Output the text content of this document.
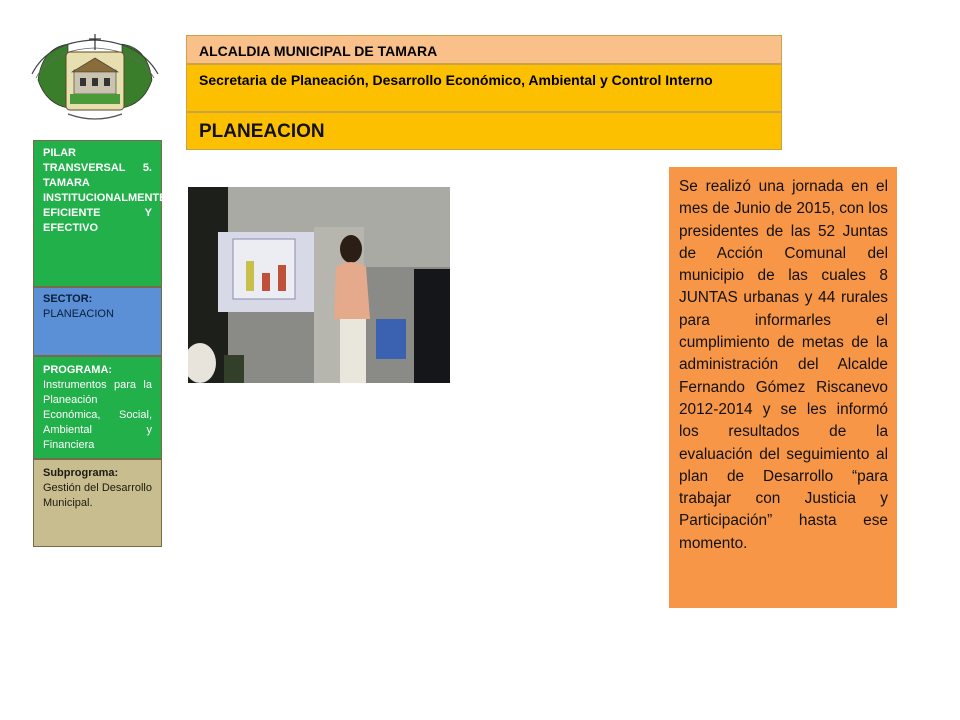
ALCALDIA MUNICIPAL DE TAMARA
Secretaria de Planeación, Desarrollo Económico, Ambiental y Control Interno
PLANEACION
PILAR TRANSVERSAL 5. TAMARA INSTITUCIONALMENTE EFICIENTE Y EFECTIVO
SECTOR:
PLANEACION
PROGRAMA:
Instrumentos para la Planeación Económica, Social, Ambiental y Financiera
Subprograma:
Gestión del Desarrollo Municipal.
Se realizó una jornada en el mes de Junio de 2015, con los presidentes de las 52 Juntas de Acción Comunal del municipio de las cuales 8 JUNTAS urbanas y 44 rurales para informarles el cumplimiento de metas de la administración del Alcalde Fernando Gómez Riscanevo 2012-2014 y se les informó los resultados de la evaluación del seguimiento al plan de Desarrollo “para trabajar con Justicia y Participación” hasta ese momento.
